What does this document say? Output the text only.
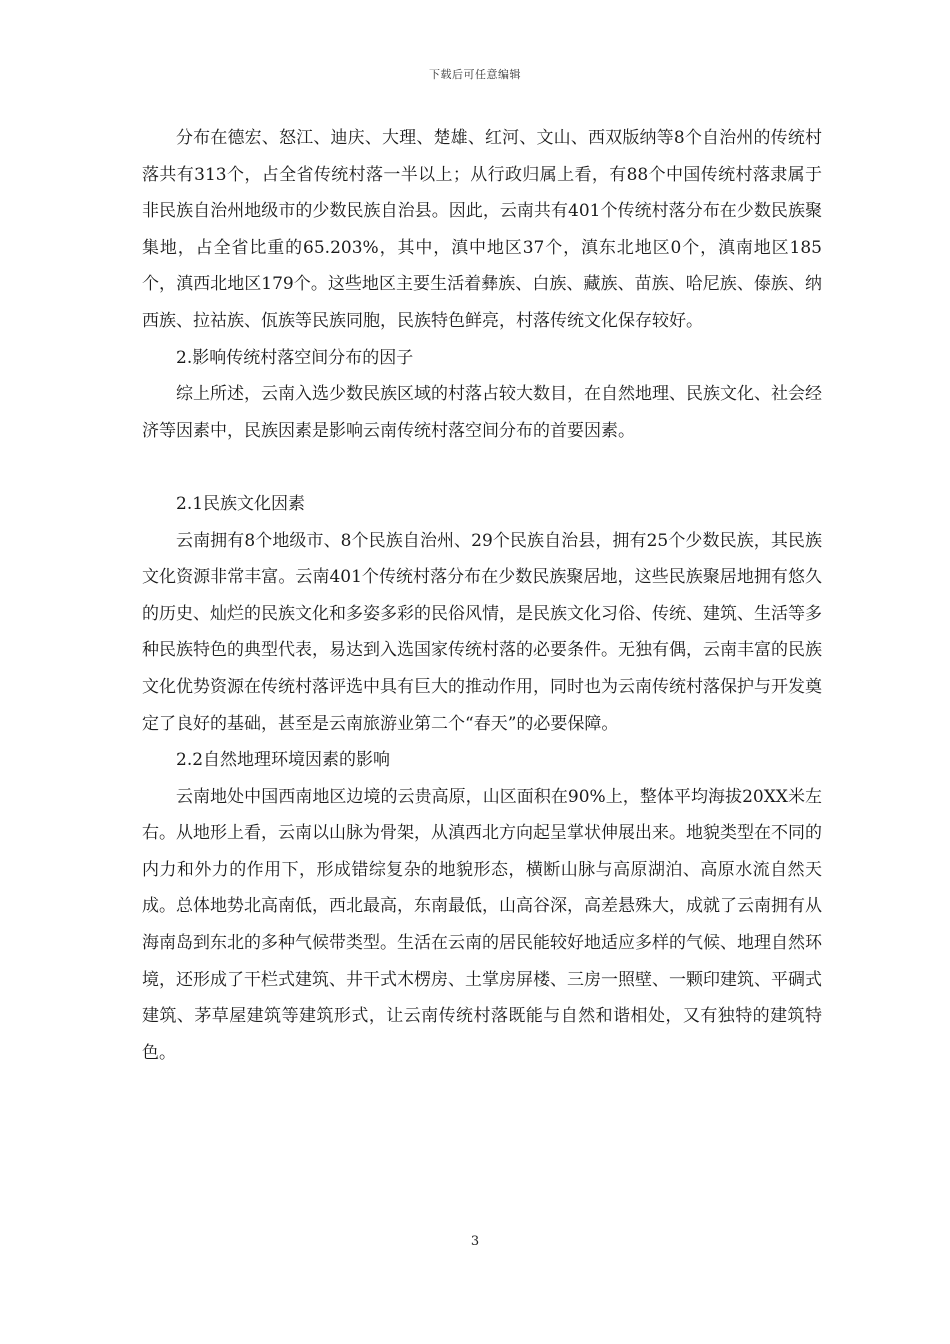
下载后可任意编辑

分布在德宏、怒江、迪庆、大理、楚雄、红河、文山、西双版纳等8个自治州的传统村落共有313个，占全省传统村落一半以上；从行政归属上看，有88个中国传统村落隶属于非民族自治州地级市的少数民族自治县。因此，云南共有401个传统村落分布在少数民族聚集地，占全省比重的65.203%，其中，滇中地区37个，滇东北地区0个，滇南地区185个，滇西北地区179个。这些地区主要生活着彝族、白族、藏族、苗族、哈尼族、傣族、纳西族、拉祜族、佤族等民族同胞，民族特色鲜亮，村落传统文化保存较好。

2.影响传统村落空间分布的因子

综上所述，云南入选少数民族区域的村落占较大数目，在自然地理、民族文化、社会经济等因素中，民族因素是影响云南传统村落空间分布的首要因素。

2.1民族文化因素

云南拥有8个地级市、8个民族自治州、29个民族自治县，拥有25个少数民族，其民族文化资源非常丰富。云南401个传统村落分布在少数民族聚居地，这些民族聚居地拥有悠久的历史、灿烂的民族文化和多姿多彩的民俗风情，是民族文化习俗、传统、建筑、生活等多种民族特色的典型代表，易达到入选国家传统村落的必要条件。无独有偶，云南丰富的民族文化优势资源在传统村落评选中具有巨大的推动作用，同时也为云南传统村落保护与开发奠定了良好的基础，甚至是云南旅游业第二个“春天”的必要保障。

2.2自然地理环境因素的影响

云南地处中国西南地区边境的云贵高原，山区面积在90%上，整体平均海拔20XX米左右。从地形上看，云南以山脉为骨架，从滇西北方向起呈掌状伸展出来。地貌类型在不同的内力和外力的作用下，形成错综复杂的地貌形态，横断山脉与高原湖泊、高原水流自然天成。总体地势北高南低，西北最高，东南最低，山高谷深，高差悬殊大，成就了云南拥有从海南岛到东北的多种气候带类型。生活在云南的居民能较好地适应多样的气候、地理自然环境，还形成了干栏式建筑、井干式木楞房、土掌房屏楼、三房一照壁、一颗印建筑、平碉式建筑、茅草屋建筑等建筑形式，让云南传统村落既能与自然和谐相处，又有独特的建筑特色。

3
